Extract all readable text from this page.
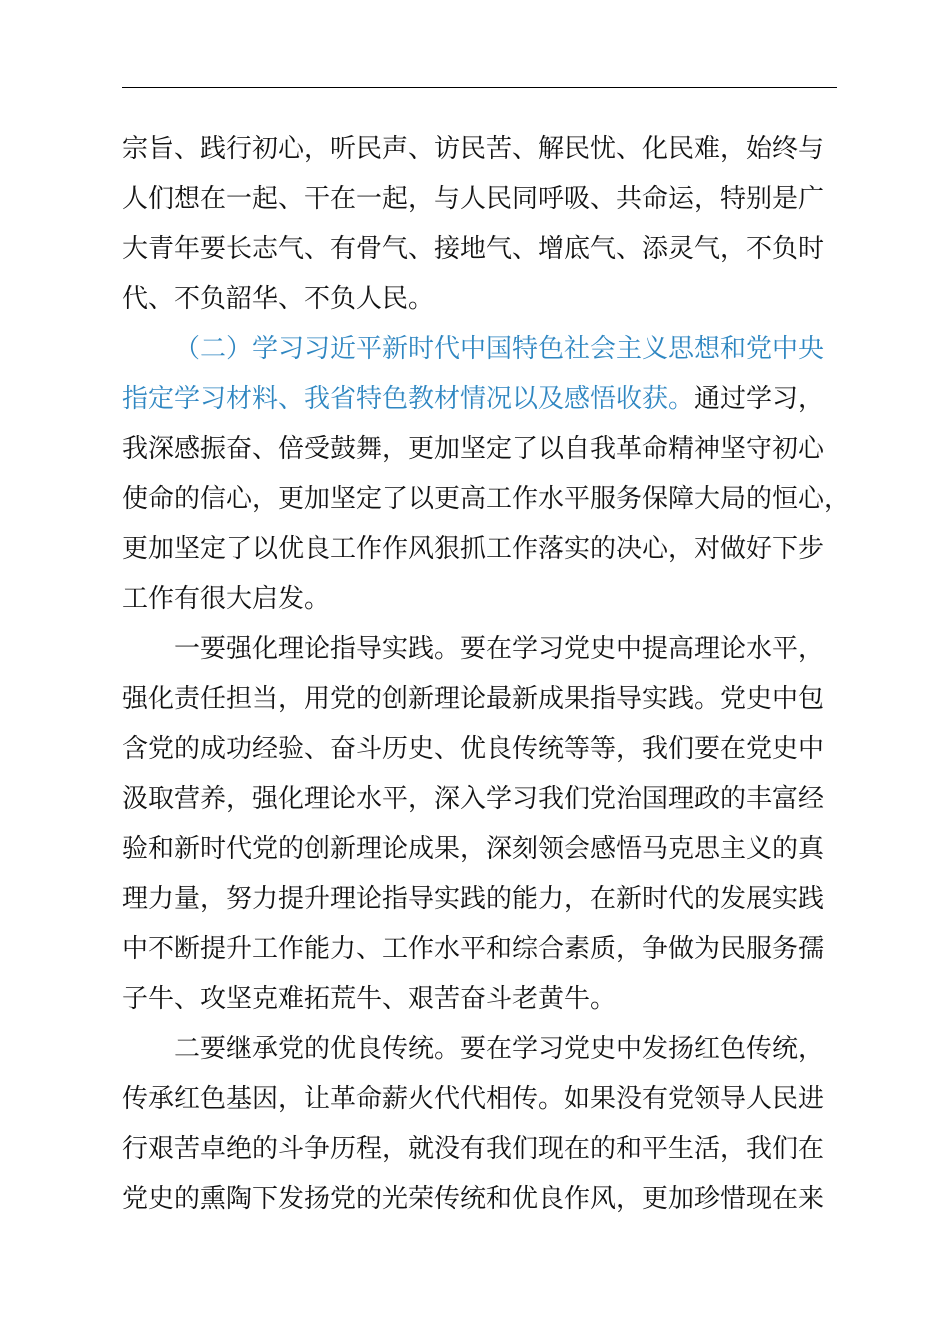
宗旨、践行初心，听民声、访民苦、解民忧、化民难，始终与
人们想在一起、干在一起，与人民同呼吸、共命运，特别是广
大青年要长志气、有骨气、接地气、增底气、添灵气，不负时
代、不负韶华、不负人民。
（二）学习习近平新时代中国特色社会主义思想和党中央
指定学习材料、我省特色教材情况以及感悟收获。通过学习，
我深感振奋、倍受鼓舞，更加坚定了以自我革命精神坚守初心
使命的信心，更加坚定了以更高工作水平服务保障大局的恒心，
更加坚定了以优良工作作风狠抓工作落实的决心，对做好下步
工作有很大启发。
一要强化理论指导实践。要在学习党史中提高理论水平，
强化责任担当，用党的创新理论最新成果指导实践。党史中包
含党的成功经验、奋斗历史、优良传统等等，我们要在党史中
汲取营养，强化理论水平，深入学习我们党治国理政的丰富经
验和新时代党的创新理论成果，深刻领会感悟马克思主义的真
理力量，努力提升理论指导实践的能力，在新时代的发展实践
中不断提升工作能力、工作水平和综合素质，争做为民服务孺
子牛、攻坚克难拓荒牛、艰苦奋斗老黄牛。
二要继承党的优良传统。要在学习党史中发扬红色传统，
传承红色基因，让革命薪火代代相传。如果没有党领导人民进
行艰苦卓绝的斗争历程，就没有我们现在的和平生活，我们在
党史的熏陶下发扬党的光荣传统和优良作风，更加珍惜现在来
